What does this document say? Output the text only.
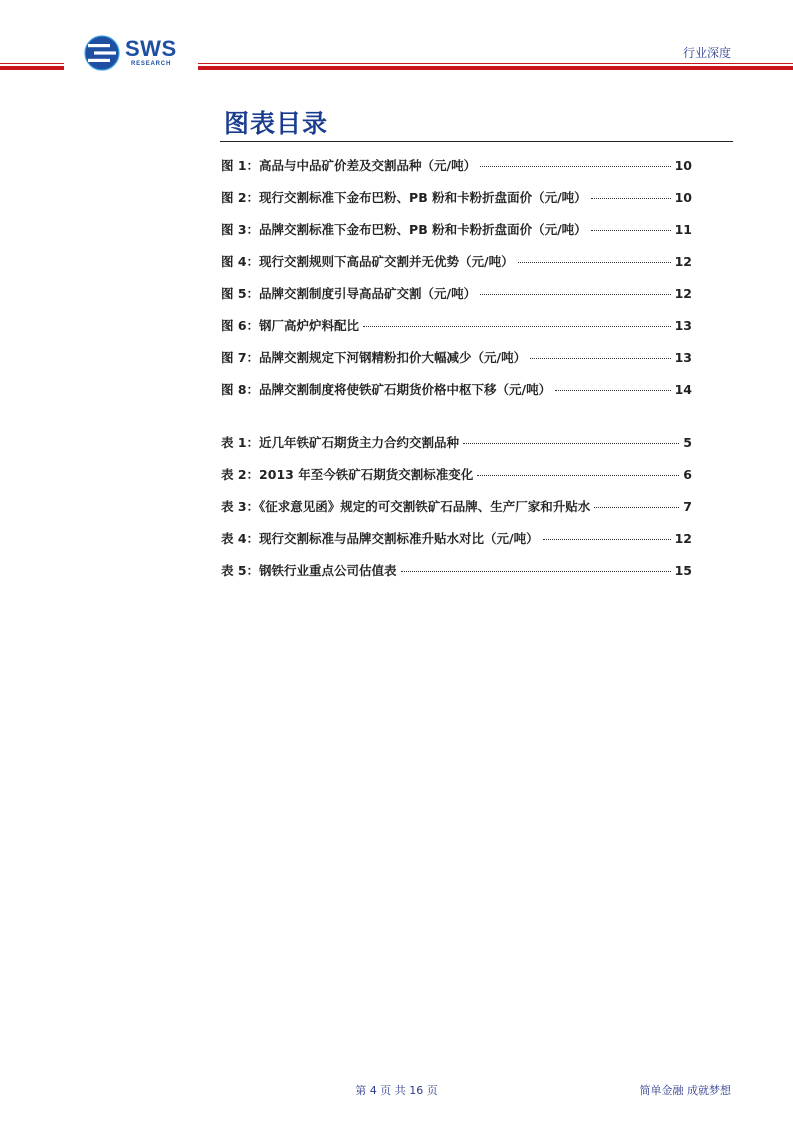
SWS
RESEARCH
行业深度
图表目录
图 1：高品与中品矿价差及交割品种（元/吨）	10
图 2：现行交割标准下金布巴粉、PB 粉和卡粉折盘面价（元/吨）	10
图 3：品牌交割标准下金布巴粉、PB 粉和卡粉折盘面价（元/吨）	11
图 4：现行交割规则下高品矿交割并无优势（元/吨）	12
图 5：品牌交割制度引导高品矿交割（元/吨）	12
图 6：钢厂高炉炉料配比	13
图 7：品牌交割规定下河钢精粉扣价大幅减少（元/吨）	13
图 8：品牌交割制度将使铁矿石期货价格中枢下移（元/吨）	14
表 1：近几年铁矿石期货主力合约交割品种	5
表 2：2013 年至今铁矿石期货交割标准变化	6
表 3：《征求意见函》规定的可交割铁矿石品牌、生产厂家和升贴水	7
表 4：现行交割标准与品牌交割标准升贴水对比（元/吨）	12
表 5：钢铁行业重点公司估值表	15
第 4 页 共 16 页	简单金融 成就梦想
